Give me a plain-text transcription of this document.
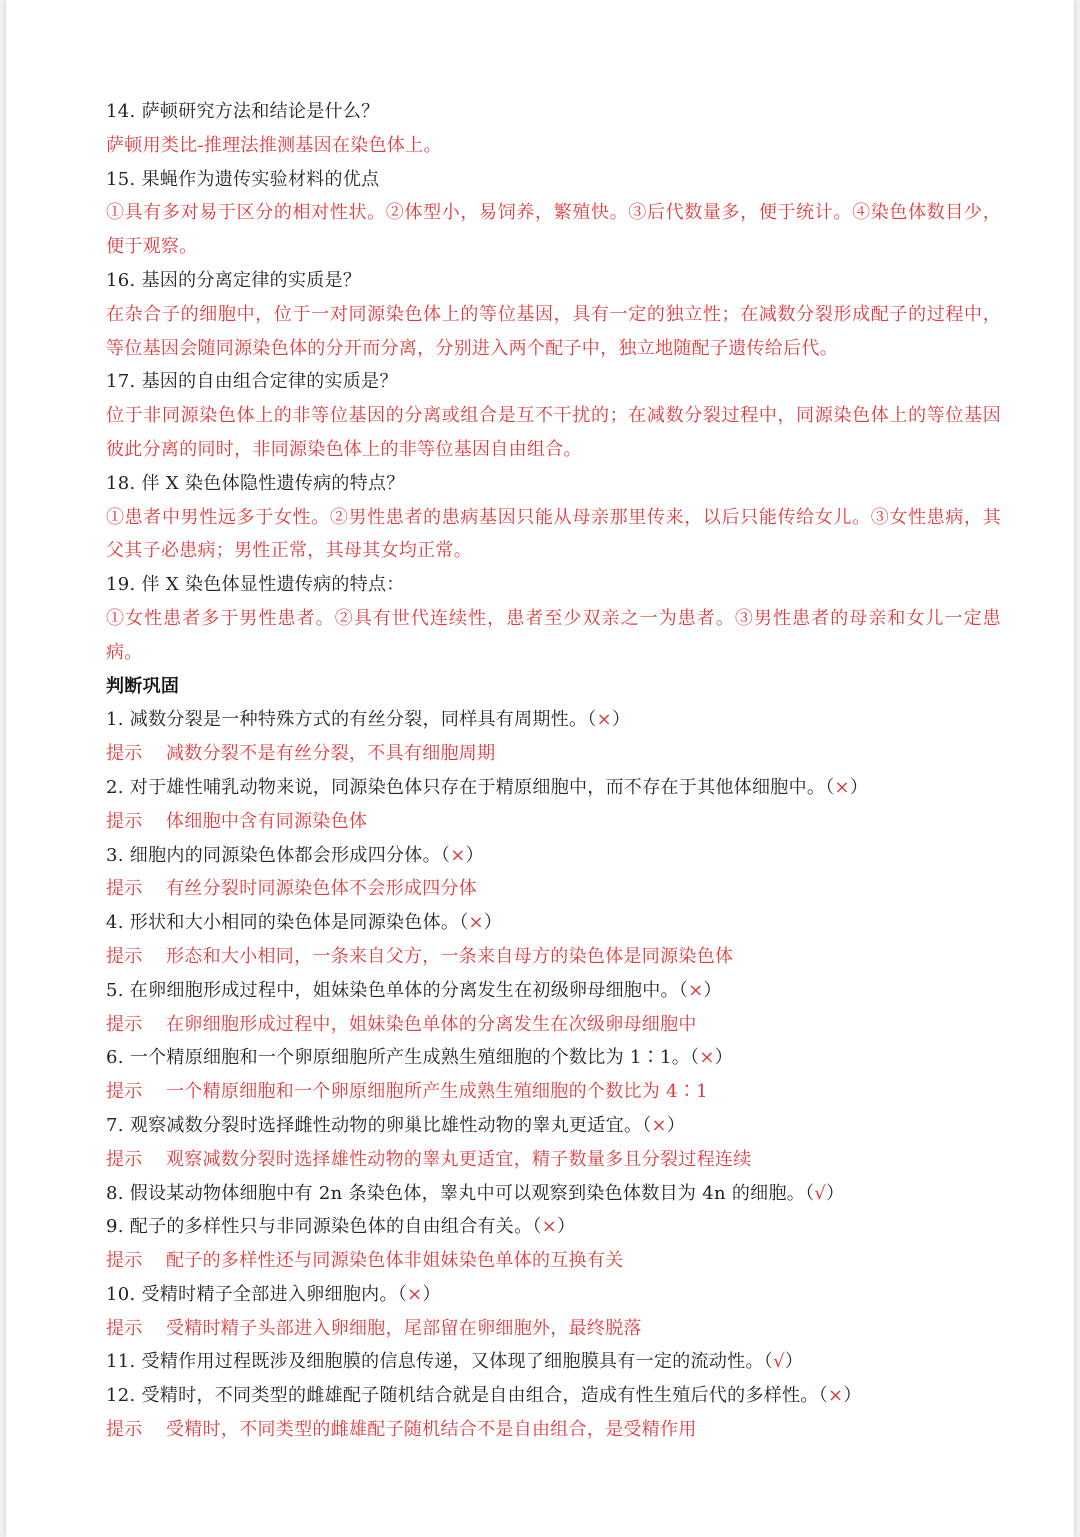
14. 萨顿研究方法和结论是什么？

萨顿用类比-推理法推测基因在染色体上。

15. 果蝇作为遗传实验材料的优点

①具有多对易于区分的相对性状。②体型小，易饲养，繁殖快。③后代数量多，便于统计。④染色体数目少，便于观察。

16. 基因的分离定律的实质是？

在杂合子的细胞中，位于一对同源染色体上的等位基因，具有一定的独立性；在减数分裂形成配子的过程中，等位基因会随同源染色体的分开而分离，分别进入两个配子中，独立地随配子遗传给后代。

17. 基因的自由组合定律的实质是？

位于非同源染色体上的非等位基因的分离或组合是互不干扰的；在减数分裂过程中，同源染色体上的等位基因彼此分离的同时，非同源染色体上的非等位基因自由组合。

18. 伴 X 染色体隐性遗传病的特点？

①患者中男性远多于女性。②男性患者的患病基因只能从母亲那里传来，以后只能传给女儿。③女性患病，其父其子必患病；男性正常，其母其女均正常。

19. 伴 X 染色体显性遗传病的特点：

①女性患者多于男性患者。②具有世代连续性，患者至少双亲之一为患者。③男性患者的母亲和女儿一定患病。

判断巩固

1. 减数分裂是一种特殊方式的有丝分裂，同样具有周期性。（×）

提示 减数分裂不是有丝分裂，不具有细胞周期

2. 对于雄性哺乳动物来说，同源染色体只存在于精原细胞中，而不存在于其他体细胞中。（×）

提示 体细胞中含有同源染色体

3. 细胞内的同源染色体都会形成四分体。（×）

提示 有丝分裂时同源染色体不会形成四分体

4. 形状和大小相同的染色体是同源染色体。（×）

提示 形态和大小相同，一条来自父方，一条来自母方的染色体是同源染色体

5. 在卵细胞形成过程中，姐妹染色单体的分离发生在初级卵母细胞中。（×）

提示 在卵细胞形成过程中，姐妹染色单体的分离发生在次级卵母细胞中

6. 一个精原细胞和一个卵原细胞所产生成熟生殖细胞的个数比为 1∶1。（×）

提示 一个精原细胞和一个卵原细胞所产生成熟生殖细胞的个数比为 4∶1

7. 观察减数分裂时选择雌性动物的卵巢比雄性动物的睾丸更适宜。（×）

提示 观察减数分裂时选择雄性动物的睾丸更适宜，精子数量多且分裂过程连续

8. 假设某动物体细胞中有 2n 条染色体，睾丸中可以观察到染色体数目为 4n 的细胞。（√）

9. 配子的多样性只与非同源染色体的自由组合有关。（×）

提示 配子的多样性还与同源染色体非姐妹染色单体的互换有关

10. 受精时精子全部进入卵细胞内。（×）

提示 受精时精子头部进入卵细胞，尾部留在卵细胞外，最终脱落

11. 受精作用过程既涉及细胞膜的信息传递，又体现了细胞膜具有一定的流动性。（√）

12. 受精时，不同类型的雌雄配子随机结合就是自由组合，造成有性生殖后代的多样性。（×）

提示 受精时，不同类型的雌雄配子随机结合不是自由组合，是受精作用
